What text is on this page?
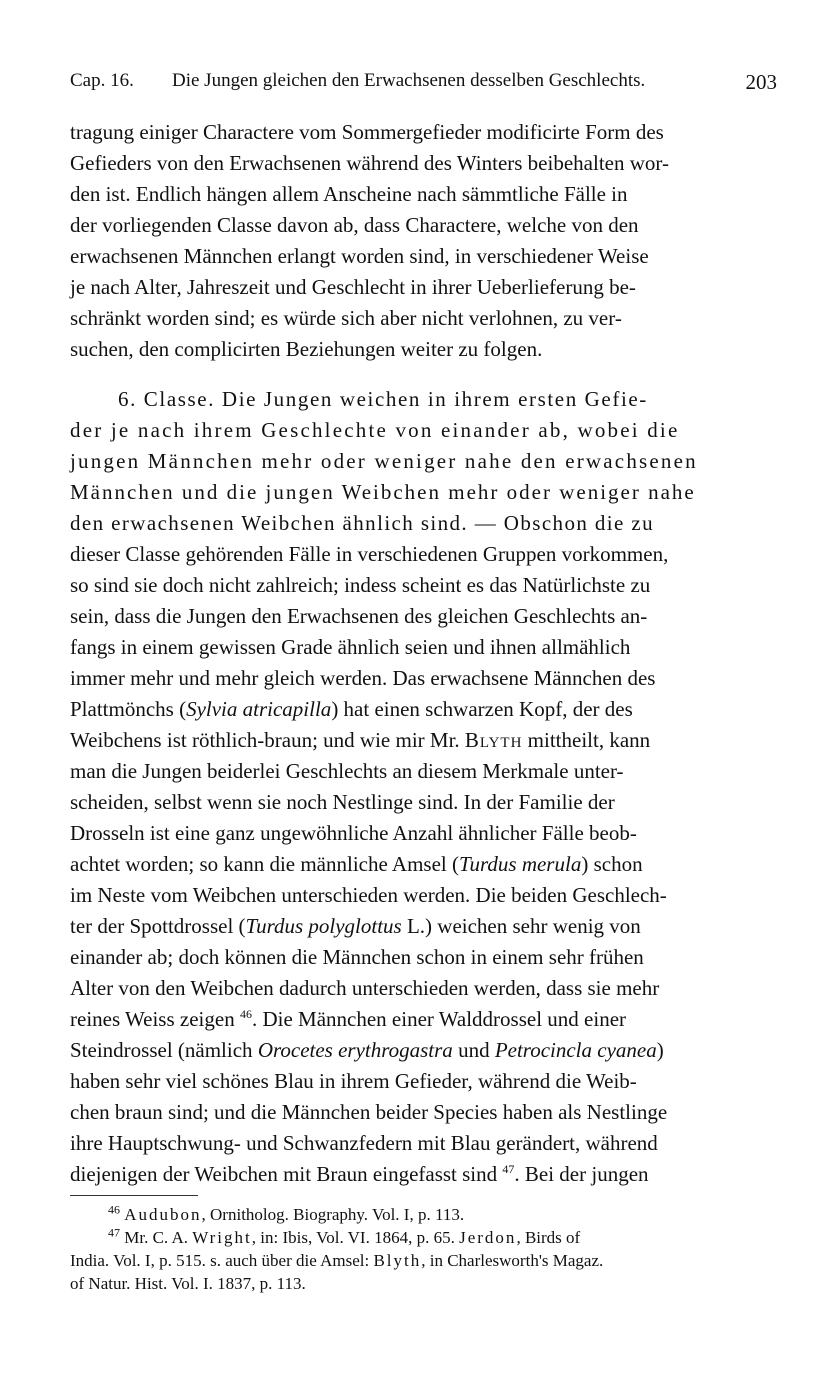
Cap. 16. Die Jungen gleichen den Erwachsenen desselben Geschlechts.	203
tragung einiger Charactere vom Sommergefieder modificirte Form des
Gefieders von den Erwachsenen während des Winters beibehalten wor-
den ist. Endlich hängen allem Anscheine nach sämmtliche Fälle in
der vorliegenden Classe davon ab, dass Charactere, welche von den
erwachsenen Männchen erlangt worden sind, in verschiedener Weise
je nach Alter, Jahreszeit und Geschlecht in ihrer Ueberlieferung be-
schränkt worden sind; es würde sich aber nicht verlohnen, zu ver-
suchen, den complicirten Beziehungen weiter zu folgen.
6. Classe. Die Jungen weichen in ihrem ersten Gefie-
der je nach ihrem Geschlechte von einander ab, wobei die
jungen Männchen mehr oder weniger nahe den erwachsenen
Männchen und die jungen Weibchen mehr oder weniger nahe
den erwachsenen Weibchen ähnlich sind. — Obschon die zu
dieser Classe gehörenden Fälle in verschiedenen Gruppen vorkommen,
so sind sie doch nicht zahlreich; indess scheint es das Natürlichste zu
sein, dass die Jungen den Erwachsenen des gleichen Geschlechts an-
fangs in einem gewissen Grade ähnlich seien und ihnen allmählich
immer mehr und mehr gleich werden. Das erwachsene Männchen des
Plattmönchs (Sylvia atricapilla) hat einen schwarzen Kopf, der des
Weibchens ist röthlich-braun; und wie mir Mr. Blyth mittheilt, kann
man die Jungen beiderlei Geschlechts an diesem Merkmale unter-
scheiden, selbst wenn sie noch Nestlinge sind. In der Familie der
Drosseln ist eine ganz ungewöhnliche Anzahl ähnlicher Fälle beob-
achtet worden; so kann die männliche Amsel (Turdus merula) schon
im Neste vom Weibchen unterschieden werden. Die beiden Geschlech-
ter der Spottdrossel (Turdus polyglottus L.) weichen sehr wenig von
einander ab; doch können die Männchen schon in einem sehr frühen
Alter von den Weibchen dadurch unterschieden werden, dass sie mehr
reines Weiss zeigen $^{46}$. Die Männchen einer Walddrossel und einer
Steindrossel (nämlich Orocetes erythrogastra und Petrocincla cyanea)
haben sehr viel schönes Blau in ihrem Gefieder, während die Weib-
chen braun sind; und die Männchen beider Species haben als Nestlinge
ihre Hauptschwung- und Schwanzfedern mit Blau gerändert, während
diejenigen der Weibchen mit Braun eingefasst sind $^{47}$. Bei der jungen
$^{46}$ Audubon, Ornitholog. Biography. Vol. I, p. 113.
$^{47}$ Mr. C. A. Wright, in: Ibis, Vol. VI. 1864, p. 65. Jerdon, Birds of
India. Vol. I, p. 515. s. auch über die Amsel: Blyth, in Charlesworth's Magaz.
of Natur. Hist. Vol. I. 1837, p. 113.
